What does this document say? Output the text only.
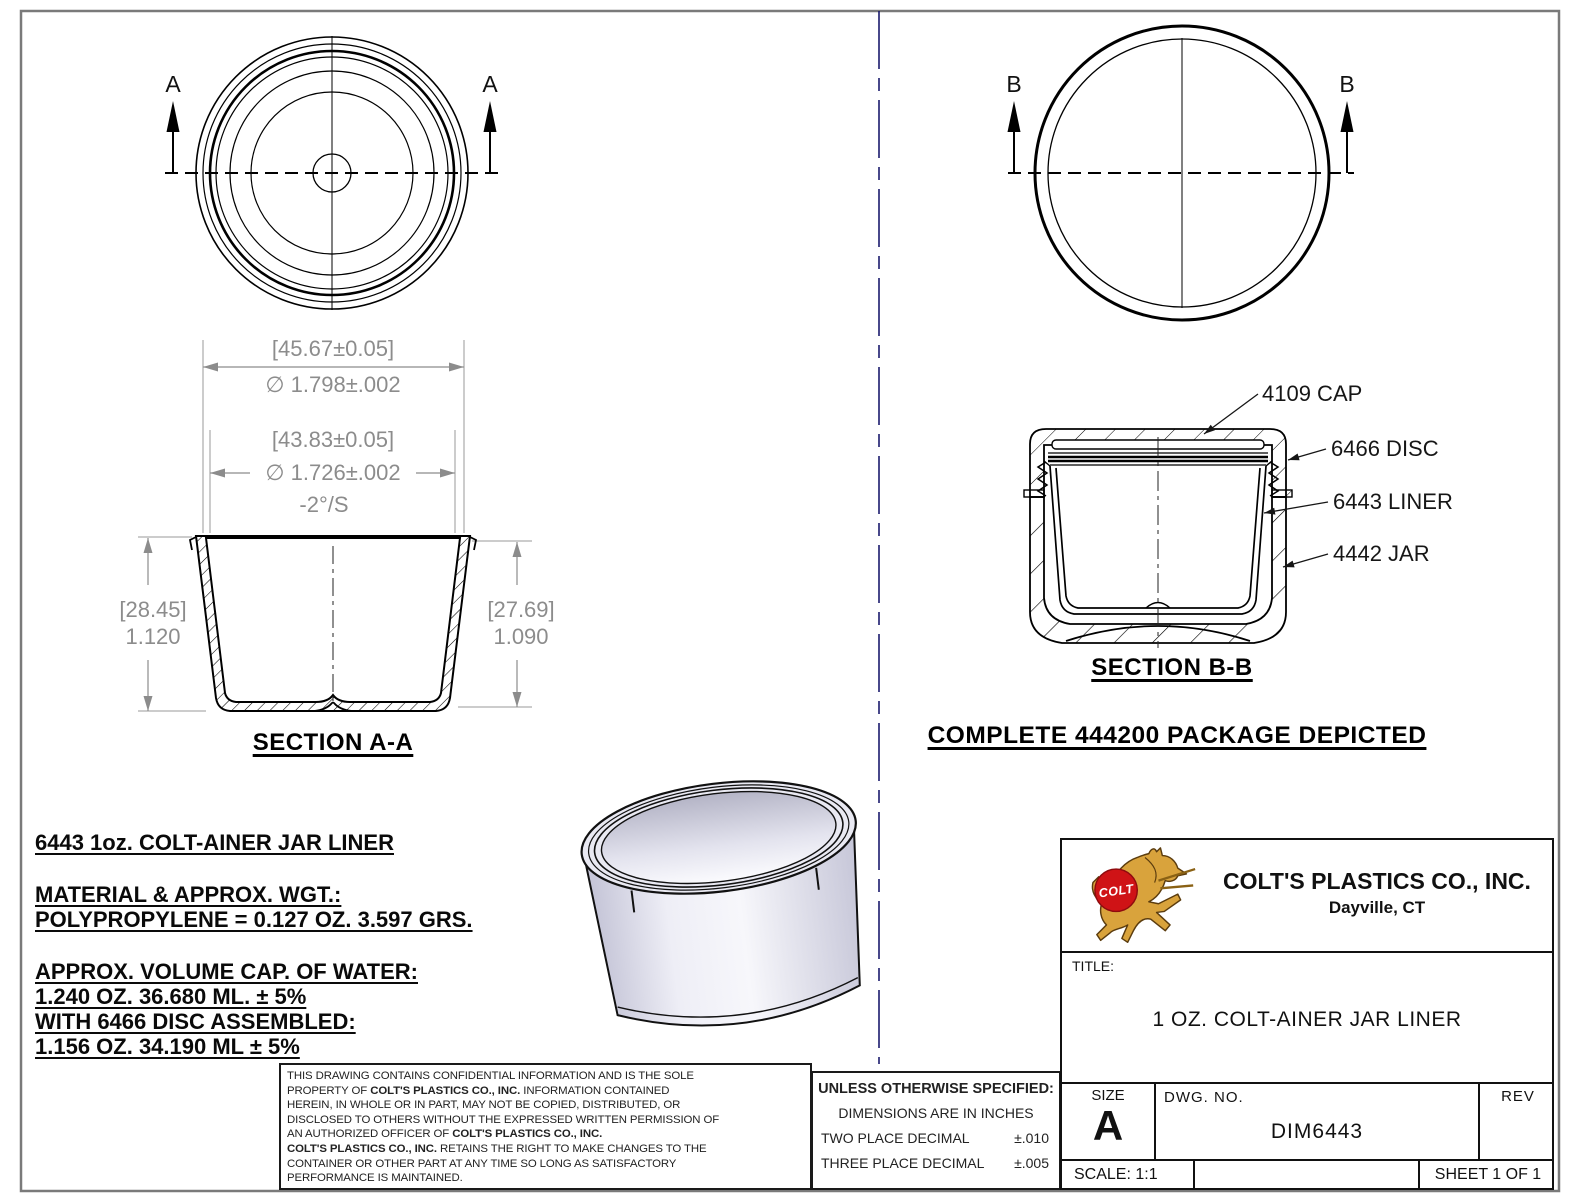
A	A	B	B
[45.67±0.05]
∅ 1.798±.002
[43.83±0.05]
∅ 1.726±.002
-2°/S
[28.45]
1.120
[27.69]
1.090
4109 CAP
6466 DISC
6443 LINER
4442 JAR
SECTION A-A
SECTION B-B
COMPLETE 444200 PACKAGE DEPICTED
6443 1oz. COLT-AINER JAR LINER
MATERIAL & APPROX. WGT.:
POLYPROPYLENE = 0.127 OZ. 3.597 GRS.
APPROX. VOLUME CAP. OF WATER:
1.240 OZ. 36.680 ML. ± 5%
WITH 6466 DISC ASSEMBLED:
1.156 OZ. 34.190 ML ± 5%
THIS DRAWING CONTAINS CONFIDENTIAL INFORMATION AND IS THE SOLE
PROPERTY OF COLT'S PLASTICS CO., INC. INFORMATION CONTAINED
HEREIN, IN WHOLE OR IN PART, MAY NOT BE COPIED, DISTRIBUTED, OR
DISCLOSED TO OTHERS WITHOUT THE EXPRESSED WRITTEN PERMISSION OF
AN AUTHORIZED OFFICER OF COLT'S PLASTICS CO., INC.
COLT'S PLASTICS CO., INC. RETAINS THE RIGHT TO MAKE CHANGES TO THE
CONTAINER OR OTHER PART AT ANY TIME SO LONG AS SATISFACTORY
PERFORMANCE IS MAINTAINED.
UNLESS OTHERWISE SPECIFIED:
DIMENSIONS ARE IN INCHES
TWO PLACE DECIMAL	±.010
THREE PLACE DECIMAL ±.005
COLT	COLT'S PLASTICS CO., INC.
Dayville, CT
TITLE:
1 OZ. COLT-AINER JAR LINER
SIZE
A
DWG. NO.
DIM6443
REV
SCALE: 1:1	SHEET 1 OF 1
